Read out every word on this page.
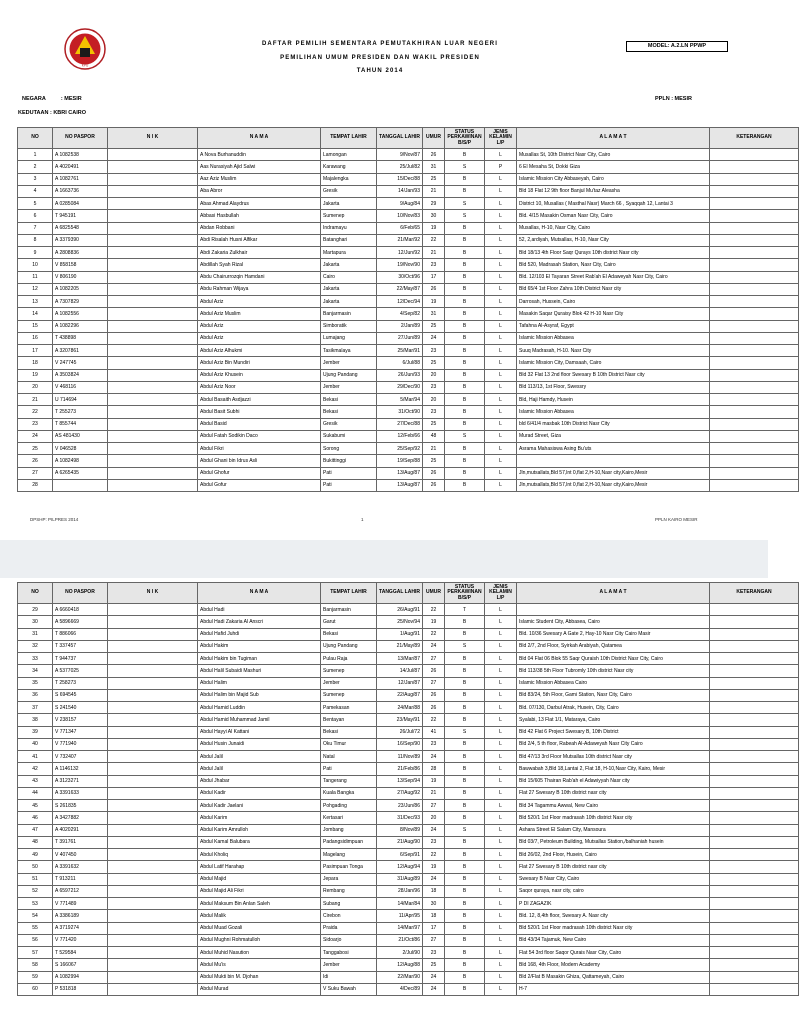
KPU
DAFTAR PEMILIH SEMENTARA PEMUTAKHIRAN LUAR NEGERI
PEMILIHAN UMUM PRESIDEN DAN WAKIL PRESIDEN
TAHUN 2014
MODEL: A.2.LN PPWP
NEGARA          : MESIR
KEDUTAAN : KBRI CAIRO
PPLN : MESIR
NO	NO PASPOR	N I K	N A M A	TEMPAT LAHIR	TANGGAL LAHIR	UMUR	STATUS PERKAWINAN B/S/P	JENIS KELAMIN L/P	A L A M A T	KETERANGAN
1	A 1082538		A Nova Burhanuddin	Lamongan	9/Nov/87	26	B	L	Musallas St, 10th District Nasr City, Cairo	
2	A 4020491		Aas Nurasiyah Ajid Salwi	Karawang	25/Jul/82	31	S	P	6 El Mesaha St, Dokki Giza	
3	A 1082761		Aaz Aziz Muslim	Majalengka	15/Dec/88	25	B	L	Islamic Mission City Abbaseyah, Cairo	
4	A 1663736		Aba Abror	Gresik	14/Jan/93	21	B	L	Bld 18 Flat 12 9th floor Banjul Mu'taz Aleasha	
5	A 0285084		Abas Ahmad Alaydrus	Jakarta	9/Aug/84	29	S	L	District 10, Musallas ( Masthal Nasr) March 66 , Syaqqah 12, Lantai 3	
6	T 945191		Abbasi Hasbullah	Sumenep	10/Nov/83	30	S	L	Bld. 4/15 Masakin Osman Nasr City, Cairo	
7	A 6825548		Abdan Robbani	Indramayu	6/Feb/65	19	B	L	Musallas, H-10, Nasr City, Cairo	
8	A 3379390		Abdi Risalah Husni Alfikar	Batanghari	21/Mar/92	22	B	L	52, 2,ardiyah, Mutsallas, H-10, Nasr City	
9	A 2808836		Abdi Zakaria Zulkhair	Martapura	12/Jun/92	21	B	L	Bld 18/13 4th Floor Saqr Qurays 10th district Nasr city	
10	V 858158		Abdillah Syah Rizal	Jakarta	19/Nov/90	23	B	L	Bld 520, Madrasah Station, Nasr City, Cairo	
11	V 806190		Abdu Chairurrozqin Hamdani	Cairo	30/Oct/96	17	B	L	Bld. 12/103 El Tayaran Street Rab'ah El Adaweyah Nasr City, Cairo	
12	A 1082205		Abdu Rahman Wijaya	Jakarta	22/May/87	26	B	L	Bld 65/4 1st Floor Zahra 10th District Nasr city	
13	A 7307829		Abdul Aziz	Jakarta	12/Dec/94	19	B	L	Darrosah, Hussein, Cairo	
14	A 1082556		Abdul Aziz Muslim	Banjarmasin	4/Sep/82	31	B	L	Masakin Saqar Quraisy Blok 42 H-10 Nasr City	
15	A 1082296		Abdul Aziz	Simboratik	2/Jan/89	25	B	L	Tafahna Al-Asyraf, Egypt	
16	T 438898		Abdul Aziz	Lumajang	27/Jun/89	24	B	L	Islamic Mission Abbasea	
17	A 3207861		Abdul Aziz Alhukmi	Tasikmalaya	25/Mar/91	23	B	L	Suuq Madrasah, H-10. Nasr City	
18	V 247745		Abdul Aziz Bin Mundiri	Jember	6/Jul/88	25	B	L	Islamic Mission City, Damsaah, Cairo	
19	A 3503824		Abdul Aziz Khusein	Ujung Pandang	26/Jun/93	20	B	L	Bld 32 Flat 13 2nd floor Swesary B 10th District Nasr city	
20	V 468116		Abdul Aziz Noor	Jember	29/Dec/90	23	B	L	Bld 113/13, 1st Floor, Swessry	
21	U 714694		Abdul Basaith Asdjazzi	Bekasi	5/Mar/94	20	B	L	Bld, Haji Hamdy, Husein	
22	T 255273		Abdul Basit Subhi	Bekasi	31/Oct/90	23	B	L	Islamic Mission Abbasea	
23	T 855744		Abdul Basid	Gresik	27/Dec/88	25	B	L	bld 6/41/4 masbak 10th District Nasr City	
24	AS 481430		Abdul Fatah Sodikin Daco	Sukabumi	12/Feb/66	48	S	L	Murad Street, Giza	
25	V 046528		Abdul Fikri	Sorong	25/Sep/92	21	B	L	Asrama Mahasiswa Asing Bu'uts	
26	A 1082498		Abdul Ghani bin Idrus Asli	Bukittinggi	19/Sep/88	25	B	L		
27	A 6265435		Abdul Ghofur	Pati	13/Aug/87	26	B	L	Jln,mutsallats,Bld 57,lnt 0,flat 2,H-10,Nasr city,Kairo,Mesir	
28			Abdul Gofur	Pati	13/Aug/87	26	B	L	Jln,mutsallats,Bld 57,lnt 0,flat 2,H-10,Nasr city,Kairo,Mesir	
DPSHP: PILPRES 2014	1	PPLN KAIRO MESIR
NO	NO PASPOR	N I K	N A M A	TEMPAT LAHIR	TANGGAL LAHIR	UMUR	STATUS PERKAWINAN B/S/P	JENIS KELAMIN L/P	A L A M A T	KETERANGAN
29	A 6660418		Abdul Hadi	Banjarmasin	26/Aug/91	22	T	L		
30	A 5896669		Abdul Hadi Zakaria Al Anscri	Garut	25/Nov/94	19	B	L	Islamic Student City, Abbasea, Cairo	
31	T 886066		Abdul Hafid Juhdi	Bekasi	1/Aug/91	22	B	L	Bld. 10/36 Swesary A Gate 2, Hay-10 Nasr City Cairo Masir	
32	T 337457		Abdul Hakim	Ujung Pandang	21/May/89	24	S	L	Bld 2/7, 2nd Floor, Syirkah Arabiyah, Qatamea	
33	T 944737		Abdul Hakim bin Tugiman	Pulau Raja	13/Mar/87	27	B	L	Bld 04 Flat 06 Blok 55 Saqr Quraish 10th District Nasr City, Cairo	
34	A 5377025		Abdul Halil Subaidi Mashuri	Sumenep	14/Jul/87	26	B	L	Bld 113/38 5th Floor Tubromly 10th district Nasr city	
35	T 258273		Abdul Halim	Jember	12/Jan/87	27	B	L	Islamic Mission Abbasea Cairo	
36	S 694545		Abdul Halim bin Majid Sub	Sumenep	22/Aug/87	26	B	L	Bld 83/24, 5th Floor, Gami Station, Nasr City, Cairo	
37	S 241540		Abdul Hamid Luddin	Pamekasan	24/Mar/88	26	B	L	Bld. 07/130, Darbul Atrak, Husein, City, Cairo	
38	V 238157		Abdul Hamid Muhammad Jamil	Bentayan	23/May/91	22	B	L	Syalabi, 13 Flat 1/1, Mataraya, Cairo	
39	V 771347		Abdul Hayyi Al Kattani	Bekasi	26/Jul/72	41	S	L	Bld 42 Flat 6 Project Swesary B, 10th District	
40	V 771940		Abdul Husin Junaidi	Oku Timur	16/Sep/90	23	B	L	Bld 2/4, 5 th floor, Rabeah Al-Adaweyah Nasr City Cairo	
41	V 732407		Abdul Jalil	Natal	11/Nov/89	24	B	L	Bld 47/13 3rd Floor Mutsallas 10th district Nasr city	
42	A 1146132		Abdul Jalil	Pati	21/Feb/86	28	B	L	Bawwabah 3,Bld 18,Lantai 2, Flat 18, H-10,Nasr City, Kairo, Mesir	
43	A 3123271		Abdul Jhabar	Tangerang	13/Sep/94	19	B	L	Bld 15/605 Thairan Rab'ah el Adawiyyah Nasr city	
44	A 3391633		Abdul Kadir	Kuala Bangka	27/Aug/92	21	B	L	Flat 27 Swesary B 10th district nasr city	
45	S 261835		Abdul Kadir Jaelani	Pohgading	23/Jun/86	27	B	L	Bld 34 Tagammu Awwal, New Cairo	
46	A 3427882		Abdul Karim	Kertasari	31/Dec/93	20	B	L	Bld 520/1 1st Floor madrasah 10th district Nasr city	
47	A 4020291		Abdul Karim Amrulloh	Jombang	8/Nov/89	24	S	L	Ashara Street El Salam City, Mansoura	
48	T 391761		Abdul Kamal Balubara	Padangsidimpuan	21/Aug/90	23	B	L	Bld 03/7, Petroleum Building, Mutsallas Station,/balhaniah husein	
49	V 407450		Abdul Kholiq	Magelang	6/Sep/91	22	B	L	Bld 26/02, 2nd Floor, Husein, Cairo	
50	A 3391632		Abdul Latif Harahap	Pasimpuan Tonga	12/Aug/94	19	B	L	Flat 27 Swesary B 10th district nasr city	
51	T 913211		Abdul Majid	Jepara	31/Aug/89	24	B	L	Swesary B Nasr City, Cairo	
52	A 6597212		Abdul Majid Ali Fikri	Rembang	28/Jan/96	18	B	L	Saqor quraya, nasr city, cairo	
53	V 771489		Abdul Maksum Bin Anlan Saleh	Subang	14/Mar/84	30	B	L	P DI ZAGAZIK	
54	A 3386189		Abdul Malik	Cirebon	11/Apr/95	18	B	L	Bld. 12, 8,4th floor, Swesary A. Nasr city	
55	A 3719274		Abdul Muad Gozali	Praida	14/Mar/97	17	B	L	Bld 520/1 1st Floor madrasah 10th district Nasr city	
56	V 771420		Abdul Mughni Rohmatulloh	Sidoarjo	21/Oct/86	27	B	L	Bld 43/34 Tajamuk, New Cairo	
57	T 529584		Abdul Muhid Nasution	Tanggabosi	2/Jul/90	23	B	L	Flat 54 3rd floor Saqor Qurais Nasr City, Cairo	
58	S 166067		Abdul Mu'is	Jember	12/Aug/88	25	B	L	Bld 168, 4th Floor, Modern Academy	
59	A 1082994		Abdul Mukti bin M. Djohan	Idi	22/Mar/90	24	B	L	Bld 2/Flat B Masakin Ghiza, Qattameyah, Cairo	
60	P 531818		Abdul Murad	V Suku Bawah	4/Dec/89	24	B	L	H-7	
